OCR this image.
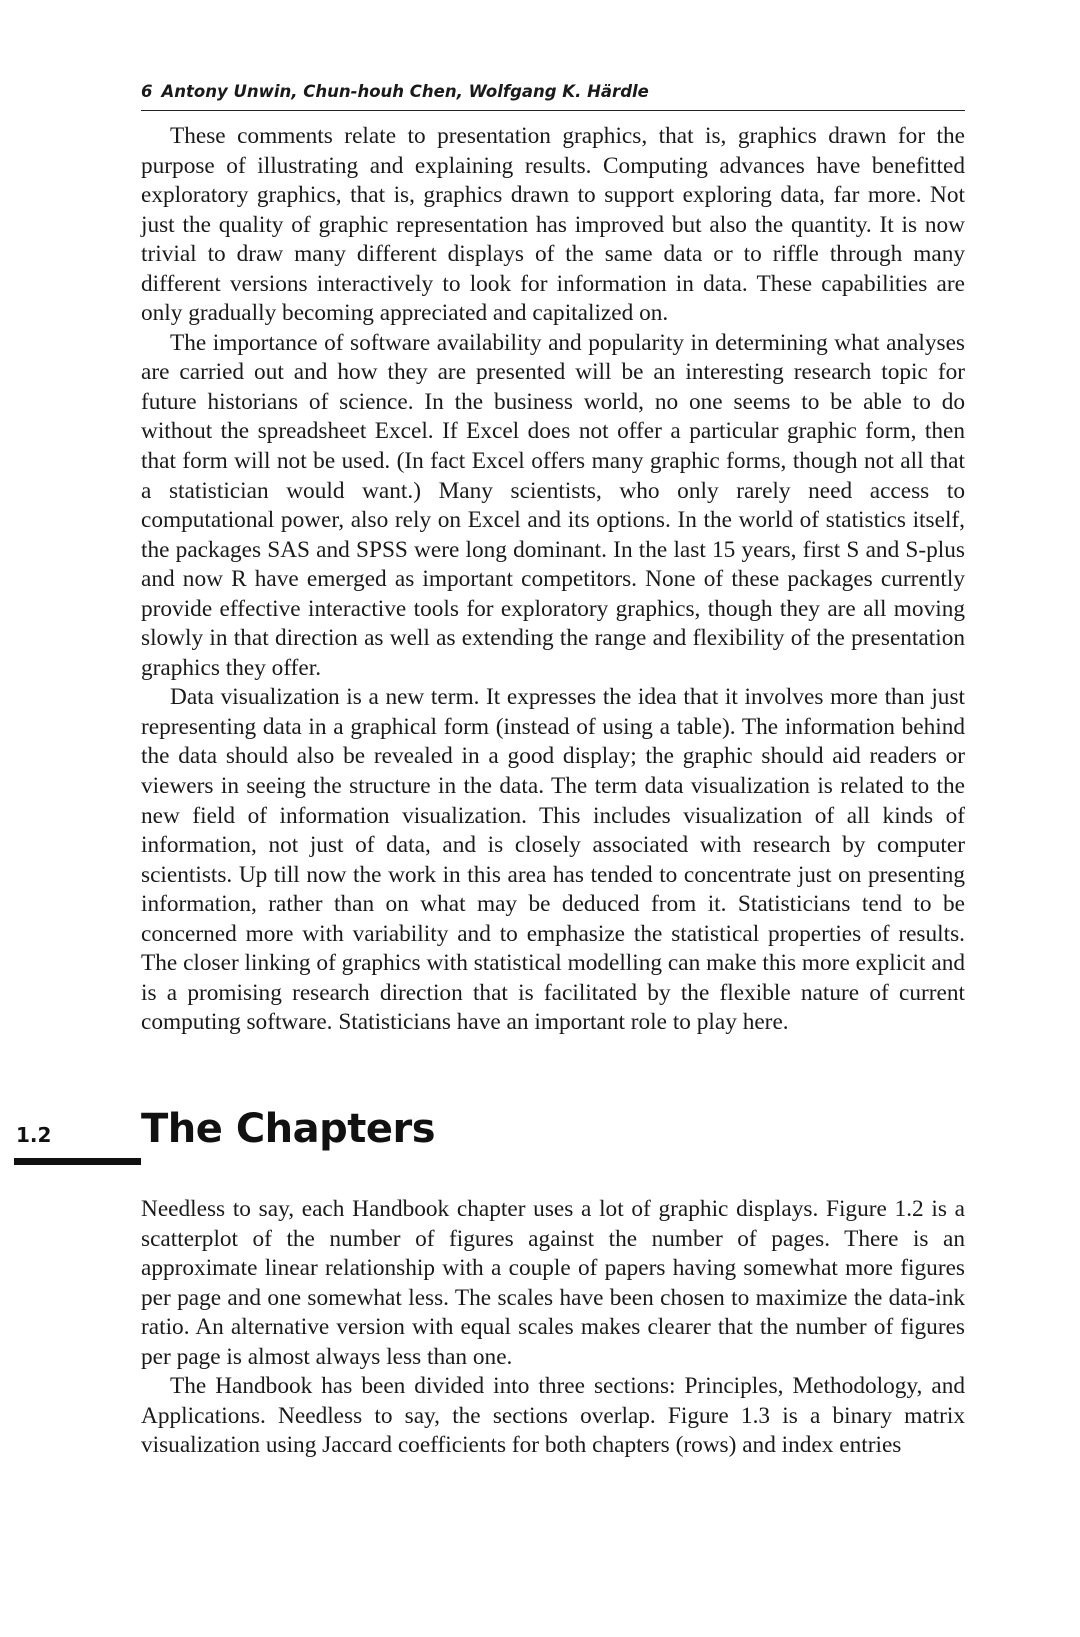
6 Antony Unwin, Chun-houh Chen, Wolfgang K. Härdle

These comments relate to presentation graphics, that is, graphics drawn for the purpose of illustrating and explaining results. Computing advances have benefitted exploratory graphics, that is, graphics drawn to support exploring data, far more. Not just the quality of graphic representation has improved but also the quantity. It is now trivial to draw many different displays of the same data or to riffle through many different versions interactively to look for information in data. These capabilities are only gradually becoming appreciated and capitalized on.

The importance of software availability and popularity in determining what analyses are carried out and how they are presented will be an interesting research topic for future historians of science. In the business world, no one seems to be able to do without the spreadsheet Excel. If Excel does not offer a particular graphic form, then that form will not be used. (In fact Excel offers many graphic forms, though not all that a statistician would want.) Many scientists, who only rarely need access to computational power, also rely on Excel and its options. In the world of statistics itself, the packages SAS and SPSS were long dominant. In the last 15 years, first S and S-plus and now R have emerged as important competitors. None of these packages currently provide effective interactive tools for exploratory graphics, though they are all moving slowly in that direction as well as extending the range and flexibility of the presentation graphics they offer.

Data visualization is a new term. It expresses the idea that it involves more than just representing data in a graphical form (instead of using a table). The information behind the data should also be revealed in a good display; the graphic should aid readers or viewers in seeing the structure in the data. The term data visualization is related to the new field of information visualization. This includes visualization of all kinds of information, not just of data, and is closely associated with research by computer scientists. Up till now the work in this area has tended to concentrate just on presenting information, rather than on what may be deduced from it. Statisticians tend to be concerned more with variability and to emphasize the statistical properties of results. The closer linking of graphics with statistical modelling can make this more explicit and is a promising research direction that is facilitated by the flexible nature of current computing software. Statisticians have an important role to play here.

1.2 The Chapters

Needless to say, each Handbook chapter uses a lot of graphic displays. Figure 1.2 is a scatterplot of the number of figures against the number of pages. There is an approximate linear relationship with a couple of papers having somewhat more figures per page and one somewhat less. The scales have been chosen to maximize the data-ink ratio. An alternative version with equal scales makes clearer that the number of figures per page is almost always less than one.

The Handbook has been divided into three sections: Principles, Methodology, and Applications. Needless to say, the sections overlap. Figure 1.3 is a binary matrix visualization using Jaccard coefficients for both chapters (rows) and index entries
